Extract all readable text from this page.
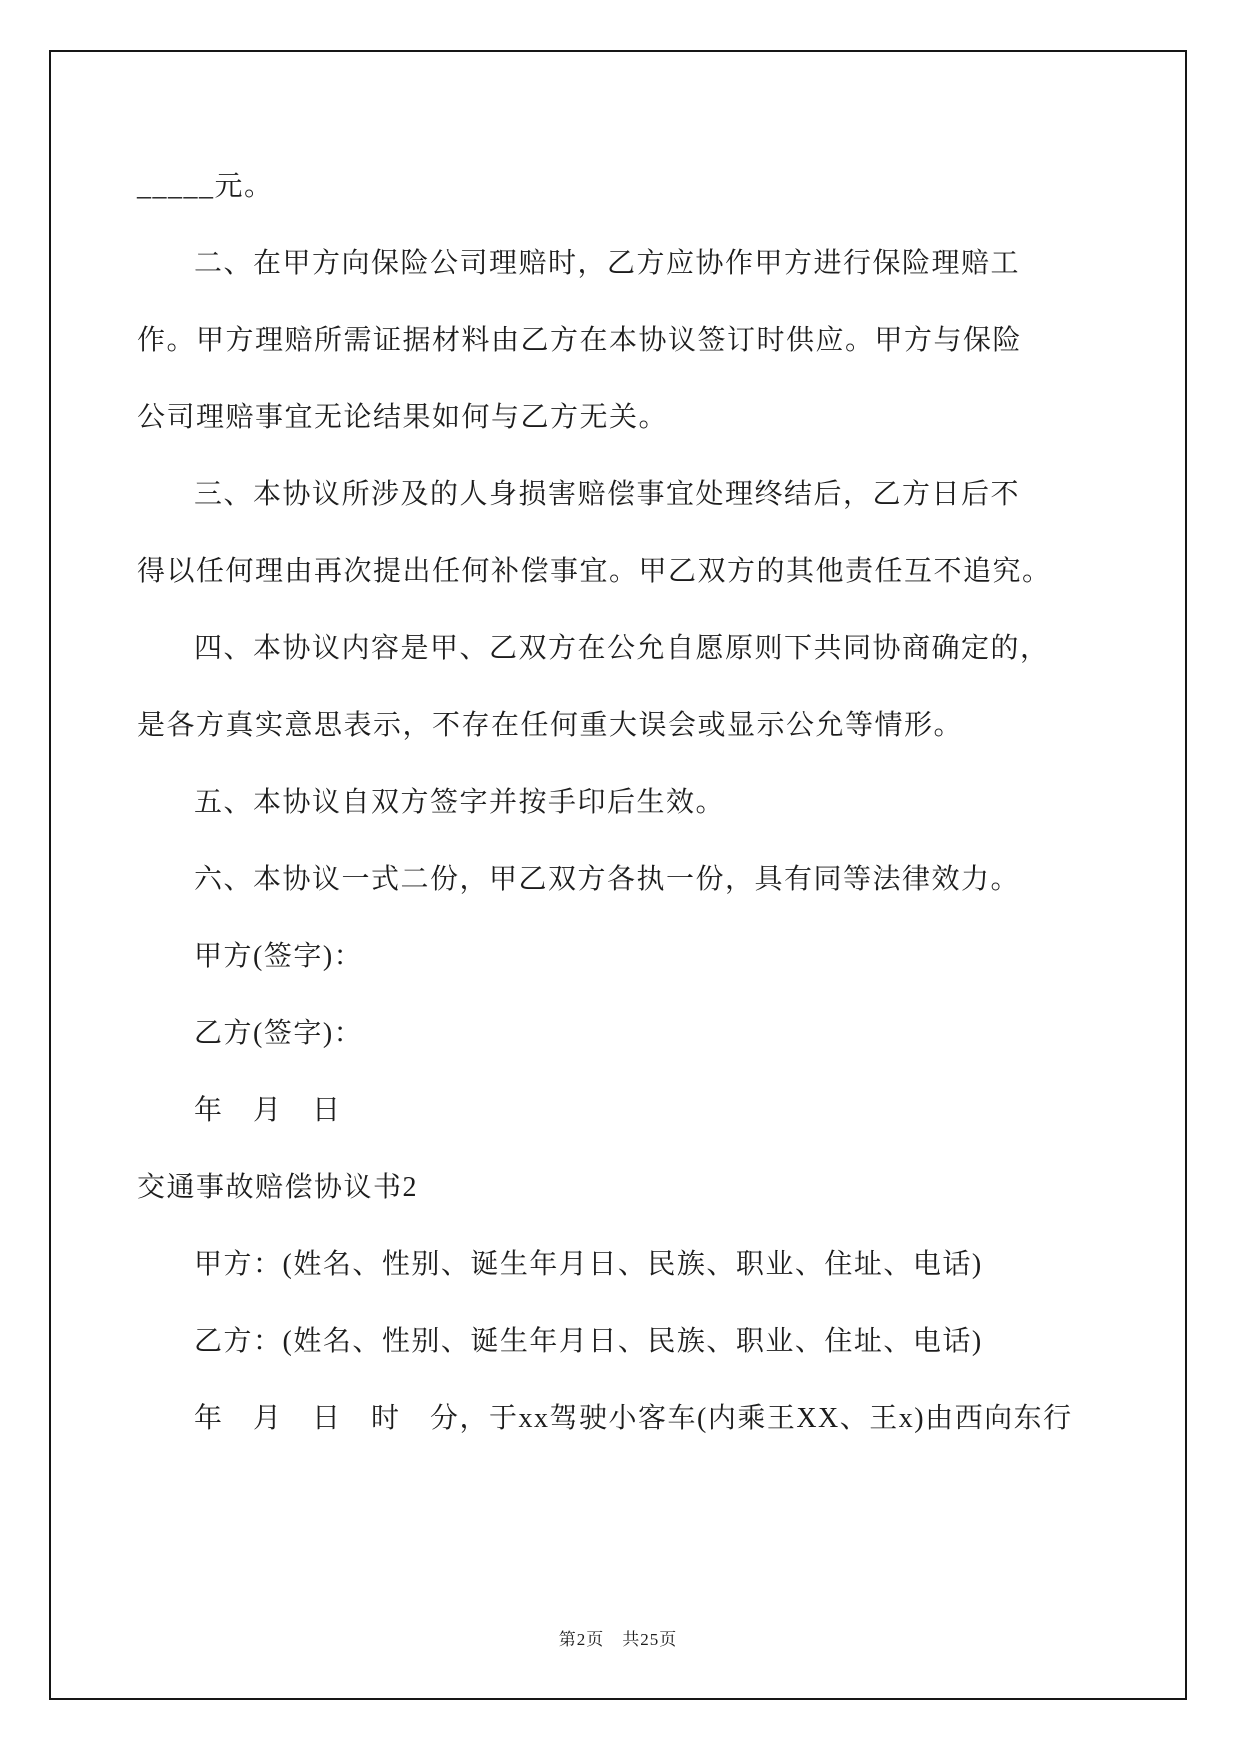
_____元。
二、在甲方向保险公司理赔时，乙方应协作甲方进行保险理赔工
作。甲方理赔所需证据材料由乙方在本协议签订时供应。甲方与保险
公司理赔事宜无论结果如何与乙方无关。
三、本协议所涉及的人身损害赔偿事宜处理终结后，乙方日后不
得以任何理由再次提出任何补偿事宜。甲乙双方的其他责任互不追究。
四、本协议内容是甲、乙双方在公允自愿原则下共同协商确定的，
是各方真实意思表示，不存在任何重大误会或显示公允等情形。
五、本协议自双方签字并按手印后生效。
六、本协议一式二份，甲乙双方各执一份，具有同等法律效力。
甲方(签字)：
乙方(签字)：
年　月　日
交通事故赔偿协议书2
甲方：(姓名、性别、诞生年月日、民族、职业、住址、电话)
乙方：(姓名、性别、诞生年月日、民族、职业、住址、电话)
年　月　日　时　分，于xx驾驶小客车(内乘王XX、王x)由西向东行
第2页　共25页
